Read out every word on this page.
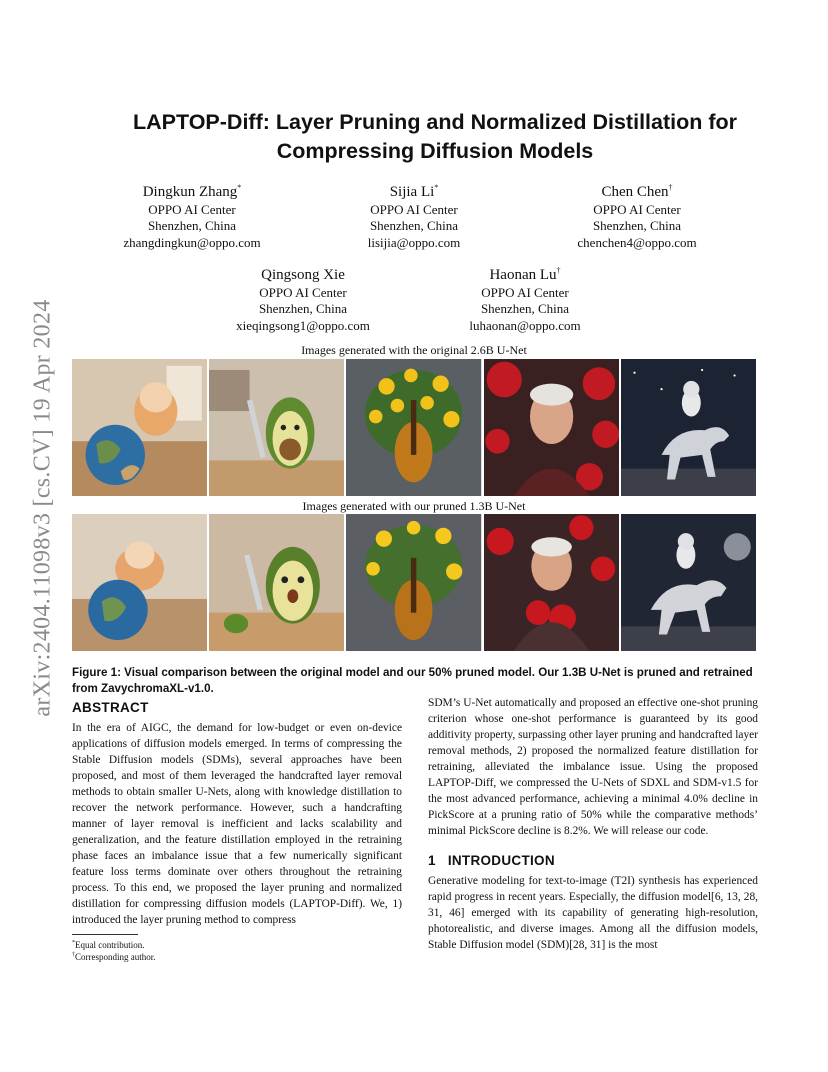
arXiv:2404.11098v3 [cs.CV] 19 Apr 2024
LAPTOP-Diff: Layer Pruning and Normalized Distillation for
Compressing Diffusion Models
Dingkun Zhang*
OPPO AI Center
Shenzhen, China
zhangdingkun@oppo.com
Sijia Li*
OPPO AI Center
Shenzhen, China
lisijia@oppo.com
Chen Chen†
OPPO AI Center
Shenzhen, China
chenchen4@oppo.com
Qingsong Xie
OPPO AI Center
Shenzhen, China
xieqingsong1@oppo.com
Haonan Lu†
OPPO AI Center
Shenzhen, China
luhaonan@oppo.com
Images generated with the original 2.6B U-Net
Images generated with our pruned 1.3B U-Net

Figure 1: Visual comparison between the original model and our 50% pruned model. Our 1.3B U-Net is pruned and retrained from ZavychromaXL-v1.0.

ABSTRACT

In the era of AIGC, the demand for low-budget or even on-device applications of diffusion models emerged. In terms of compressing the Stable Diffusion models (SDMs), several approaches have been proposed, and most of them leveraged the handcrafted layer removal methods to obtain smaller U-Nets, along with knowledge distillation to recover the network performance. However, such a handcrafting manner of layer removal is inefficient and lacks scalability and generalization, and the feature distillation employed in the retraining phase faces an imbalance issue that a few numerically significant feature loss terms dominate over others throughout the retraining process. To this end, we proposed the layer pruning and normalized distillation for compressing diffusion models (LAPTOP-Diff). We, 1) introduced the layer pruning method to compress

*Equal contribution.
†Corresponding author.

SDM’s U-Net automatically and proposed an effective one-shot pruning criterion whose one-shot performance is guaranteed by its good additivity property, surpassing other layer pruning and handcrafted layer removal methods, 2) proposed the normalized feature distillation for retraining, alleviated the imbalance issue. Using the proposed LAPTOP-Diff, we compressed the U-Nets of SDXL and SDM-v1.5 for the most advanced performance, achieving a minimal 4.0% decline in PickScore at a pruning ratio of 50% while the comparative methods’ minimal PickScore decline is 8.2%. We will release our code.

1 INTRODUCTION

Generative modeling for text-to-image (T2I) synthesis has experienced rapid progress in recent years. Especially, the diffusion model[6, 13, 28, 31, 46] emerged with its capability of generating high-resolution, photorealistic, and diverse images. Among all the diffusion models, Stable Diffusion model (SDM)[28, 31] is the most
